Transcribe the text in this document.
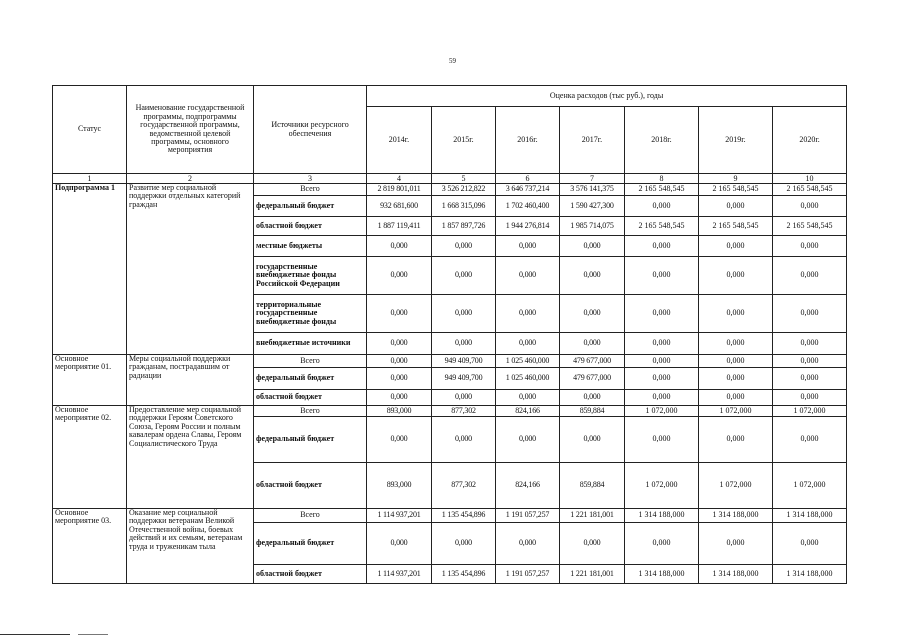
59
Статус	Наименование государственной программы, подпрограммы государственной программы, ведомственной целевой программы, основного мероприятия	Источники ресурсного обеспечения	Оценка расходов (тыс руб.), годы						
			2014г.	2015г.	2016г.	2017г.	2018г.	2019г.	2020г.
1	2	3	4	5	6	7	8	9	10
Подпрограмма 1	Развитие мер социальной поддержки отдельных категорий граждан	Всего	2 819 801,011	3 526 212,822	3 646 737,214	3 576 141,375	2 165 548,545	2 165 548,545	2 165 548,545
		федеральный бюджет	932 681,600	1 668 315,096	1 702 460,400	1 590 427,300	0,000	0,000	0,000
		областной бюджет	1 887 119,411	1 857 897,726	1 944 276,814	1 985 714,075	2 165 548,545	2 165 548,545	2 165 548,545
		местные бюджеты	0,000	0,000	0,000	0,000	0,000	0,000	0,000
		государственные внебюджетные фонды Российской Федерации	0,000	0,000	0,000	0,000	0,000	0,000	0,000
		территориальные государственные внебюджетные фонды	0,000	0,000	0,000	0,000	0,000	0,000	0,000
		внебюджетные источники	0,000	0,000	0,000	0,000	0,000	0,000	0,000
Основное мероприятие 01.	Меры социальной поддержки гражданам, пострадавшим от радиации	Всего	0,000	949 409,700	1 025 460,000	479 677,000	0,000	0,000	0,000
		федеральный бюджет	0,000	949 409,700	1 025 460,000	479 677,000	0,000	0,000	0,000
		областной бюджет	0,000	0,000	0,000	0,000	0,000	0,000	0,000
Основное мероприятие 02.	Предоставление мер социальной поддержки Героям Советского Союза, Героям России и полным кавалерам ордена Славы, Героям Социалистического Труда	Всего	893,000	877,302	824,166	859,884	1 072,000	1 072,000	1 072,000
		федеральный бюджет	0,000	0,000	0,000	0,000	0,000	0,000	0,000
		областной бюджет	893,000	877,302	824,166	859,884	1 072,000	1 072,000	1 072,000
Основное мероприятие 03.	Оказание мер социальной поддержки ветеранам Великой Отечественной войны, боевых действий и их семьям, ветеранам труда и труженикам тыла	Всего	1 114 937,201	1 135 454,896	1 191 057,257	1 221 181,001	1 314 188,000	1 314 188,000	1 314 188,000
		федеральный бюджет	0,000	0,000	0,000	0,000	0,000	0,000	0,000
		областной бюджет	1 114 937,201	1 135 454,896	1 191 057,257	1 221 181,001	1 314 188,000	1 314 188,000	1 314 188,000
